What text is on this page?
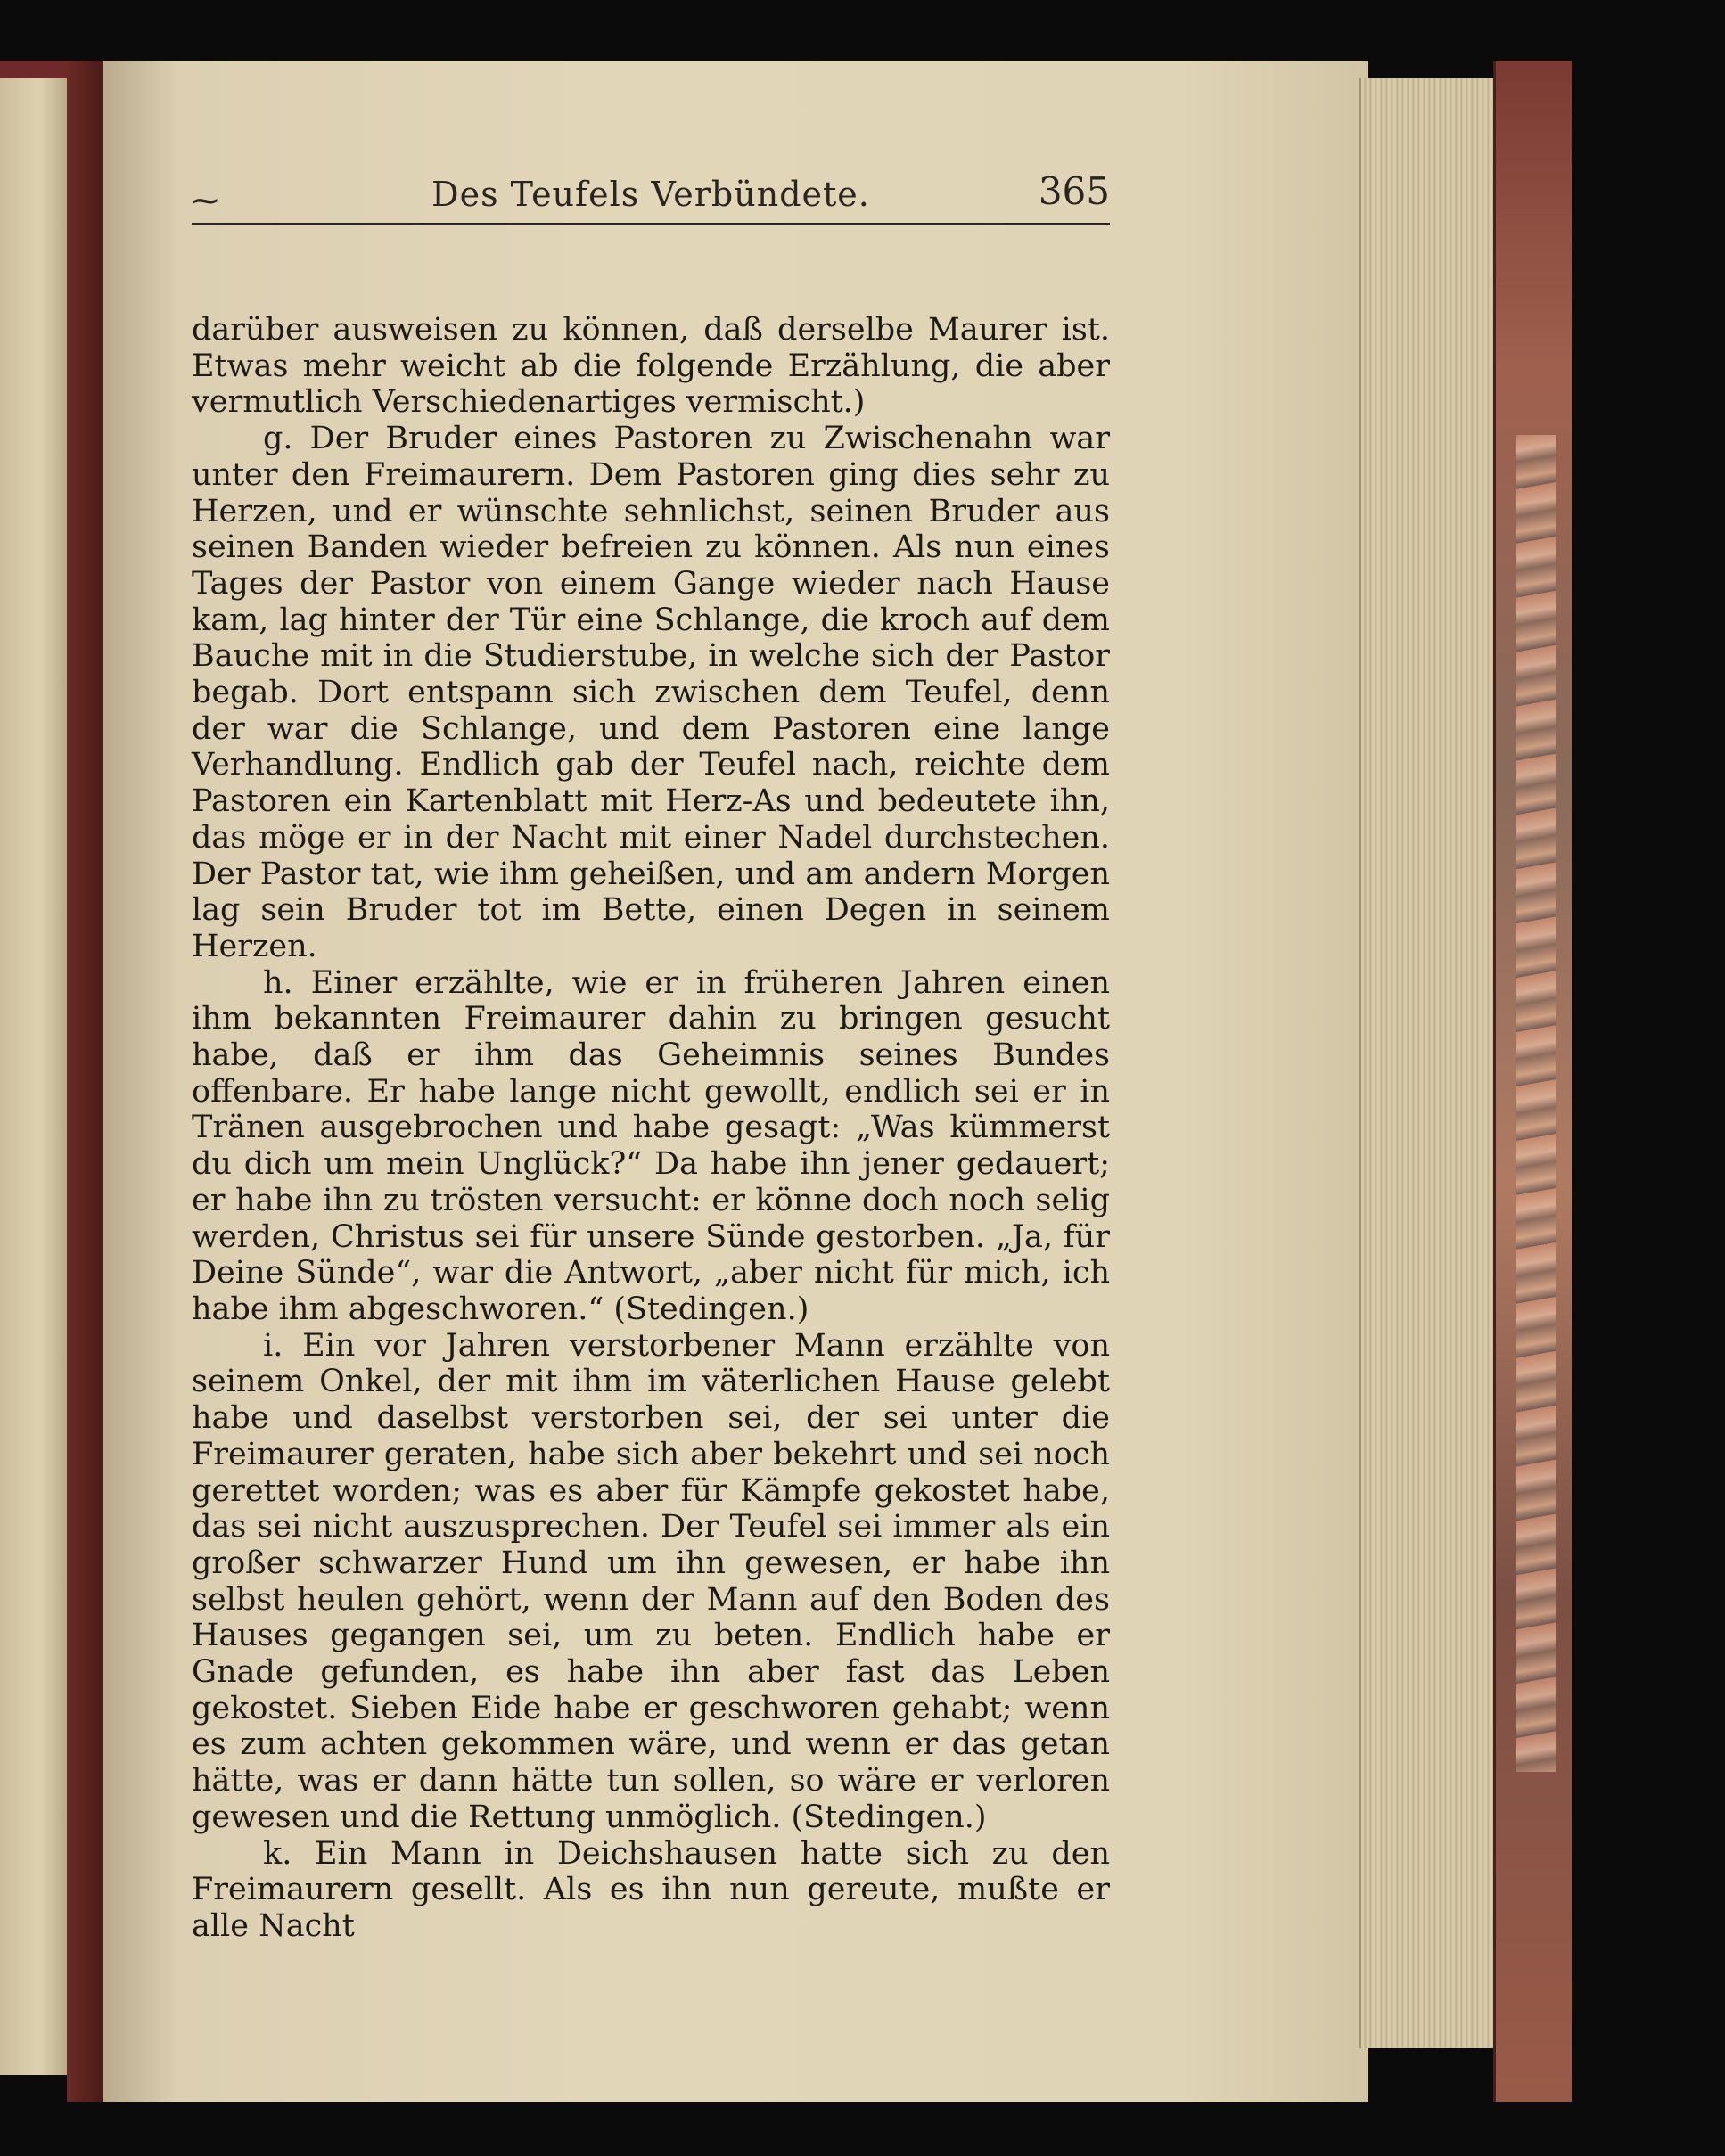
⁓	Des Teufels Verbündete.	365

darüber ausweisen zu können, daß derselbe Maurer ist. Etwas mehr weicht ab die folgende Erzählung, die aber vermutlich Verschiedenartiges vermischt.)

g. Der Bruder eines Pastoren zu Zwischenahn war unter den Freimaurern. Dem Pastoren ging dies sehr zu Herzen, und er wünschte sehnlichst, seinen Bruder aus seinen Banden wieder befreien zu können. Als nun eines Tages der Pastor von einem Gange wieder nach Hause kam, lag hinter der Tür eine Schlange, die kroch auf dem Bauche mit in die Studierstube, in welche sich der Pastor begab. Dort entspann sich zwischen dem Teufel, denn der war die Schlange, und dem Pastoren eine lange Verhandlung. Endlich gab der Teufel nach, reichte dem Pastoren ein Kartenblatt mit Herz-As und bedeutete ihn, das möge er in der Nacht mit einer Nadel durchstechen. Der Pastor tat, wie ihm geheißen, und am andern Morgen lag sein Bruder tot im Bette, einen Degen in seinem Herzen.

h. Einer erzählte, wie er in früheren Jahren einen ihm bekannten Freimaurer dahin zu bringen gesucht habe, daß er ihm das Geheimnis seines Bundes offenbare. Er habe lange nicht gewollt, endlich sei er in Tränen ausgebrochen und habe gesagt: „Was kümmerst du dich um mein Unglück?“ Da habe ihn jener gedauert; er habe ihn zu trösten versucht: er könne doch noch selig werden, Christus sei für unsere Sünde gestorben. „Ja, für Deine Sünde“, war die Antwort, „aber nicht für mich, ich habe ihm abgeschworen.“ (Stedingen.)

i. Ein vor Jahren verstorbener Mann erzählte von seinem Onkel, der mit ihm im väterlichen Hause gelebt habe und daselbst verstorben sei, der sei unter die Freimaurer geraten, habe sich aber bekehrt und sei noch gerettet worden; was es aber für Kämpfe gekostet habe, das sei nicht auszusprechen. Der Teufel sei immer als ein großer schwarzer Hund um ihn gewesen, er habe ihn selbst heulen gehört, wenn der Mann auf den Boden des Hauses gegangen sei, um zu beten. Endlich habe er Gnade gefunden, es habe ihn aber fast das Leben gekostet. Sieben Eide habe er geschworen gehabt; wenn es zum achten gekommen wäre, und wenn er das getan hätte, was er dann hätte tun sollen, so wäre er verloren gewesen und die Rettung unmöglich. (Stedingen.)

k. Ein Mann in Deichshausen hatte sich zu den Freimaurern gesellt. Als es ihn nun gereute, mußte er alle Nacht
